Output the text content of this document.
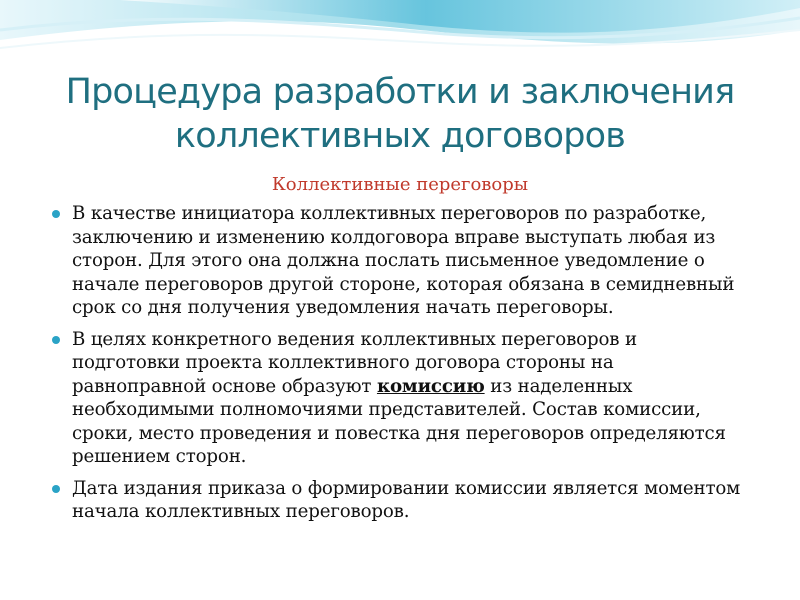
Процедура разработки и заключения
коллективных договоров

Коллективные переговоры

В качестве инициатора коллективных переговоров по разработке, заключению и изменению колдоговора вправе выступать любая из сторон. Для этого она должна послать письменное уведомление о начале переговоров другой стороне, которая обязана в семидневный срок со дня получения уведомления начать переговоры.
В целях конкретного ведения коллективных переговоров и подготовки проекта коллективного договора стороны на равноправной основе образуют комиссию из наделенных необходимыми полномочиями представителей. Состав комиссии, сроки, место проведения и повестка дня переговоров определяются решением сторон.
Дата издания приказа о формировании комиссии является моментом начала коллективных переговоров.
